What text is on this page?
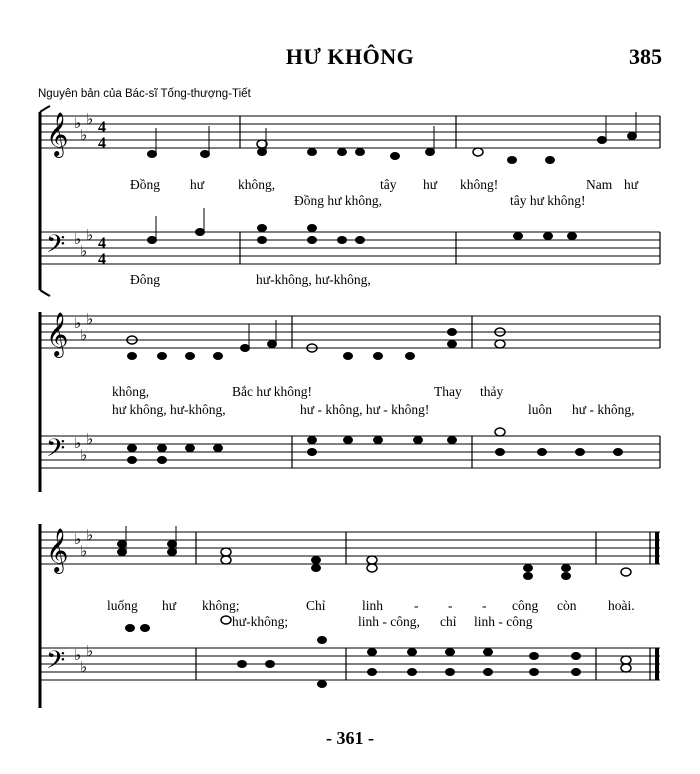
HƯ KHÔNG	385
Nguyên bản của Bác-sĩ Tống-thượng-Tiết
𝄞
𝄢
♭
♭
♭
♭
♭
♭
4
4
4
4
Đồng hư	không,	tây hư không!	Nam hư
Đồng hư không,	tây hư không!
Đông	hư-không, hư-không,
𝄞
𝄢
♭
♭
♭
♭
♭
♭
không,	Bắc hư không!	Thay thảy
hư không, hư-không,	hư - không, hư - không!	luôn hư - không,
𝄞
𝄢
♭
♭
♭
♭
♭
♭
luống hư không;	Chỉ	linh - - - công còn hoài.
hư-không;	linh - công, chỉ linh - công
- 361 -
